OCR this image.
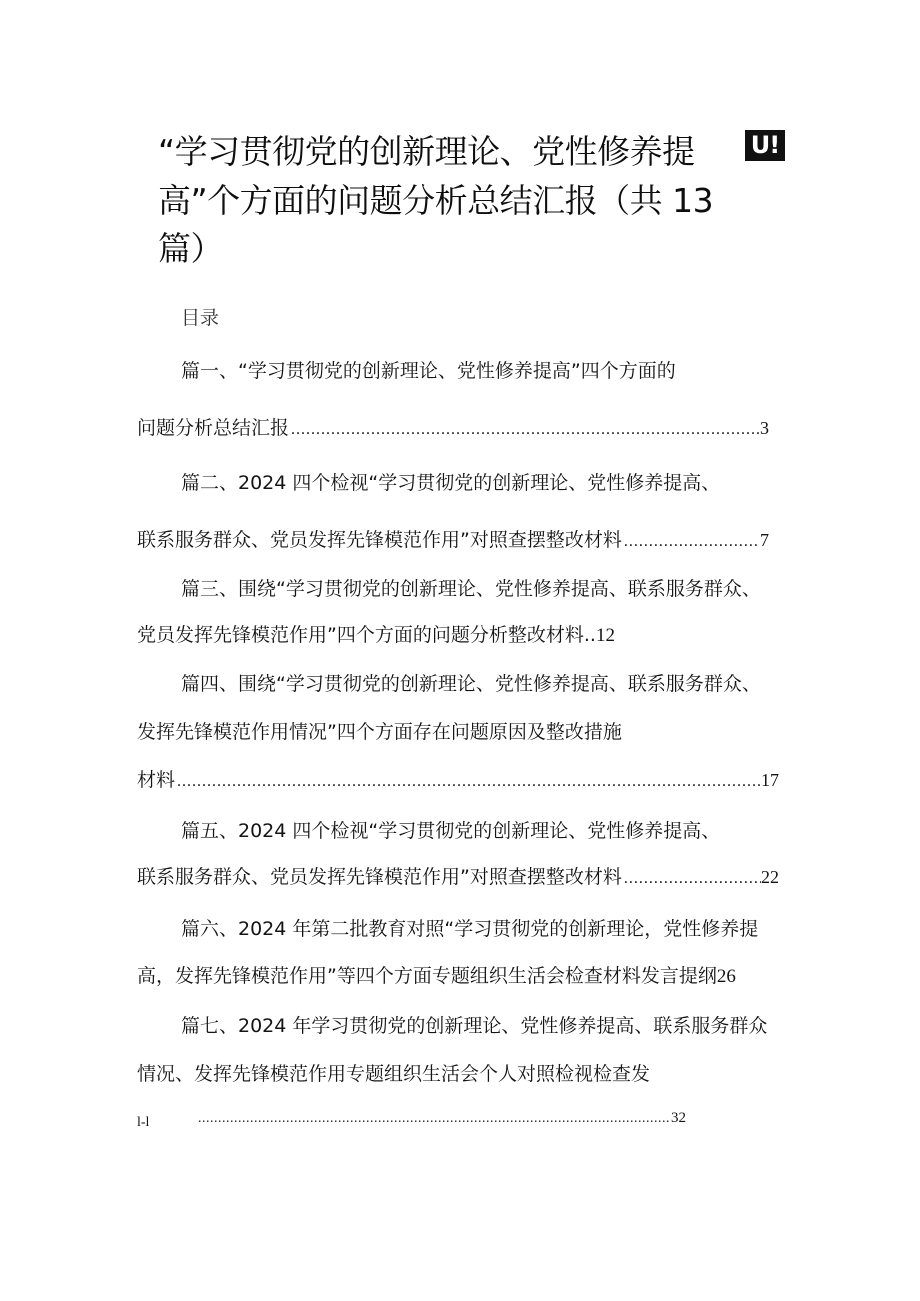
“学习贯彻党的创新理论、党性修养提 U!
高”个方面的问题分析总结汇报（共 13
篇）
目录
篇一、“学习贯彻党的创新理论、党性修养提高”四个方面的
问题分析总结汇报 .....	3
篇二、2024 四个检视“学习贯彻党的创新理论、党性修养提高、
联系服务群众、党员发挥先锋模范作用”对照查摆整改材料 .....	7
篇三、围绕“学习贯彻党的创新理论、党性修养提高、联系服务群众、
党员发挥先锋模范作用”四个方面的问题分析整改材料..12
篇四、围绕“学习贯彻党的创新理论、党性修养提高、联系服务群众、
发挥先锋模范作用情况”四个方面存在问题原因及整改措施
材料 .....	17
篇五、2024 四个检视“学习贯彻党的创新理论、党性修养提高、
联系服务群众、党员发挥先锋模范作用”对照查摆整改材料 .....	22
篇六、2024 年第二批教育对照“学习贯彻党的创新理论，党性修养提
高，发挥先锋模范作用”等四个方面专题组织生活会检查材料发言提纲26
篇七、2024 年学习贯彻党的创新理论、党性修养提高、联系服务群众
情况、发挥先锋模范作用专题组织生活会个人对照检视检查发
l-l .....	32
